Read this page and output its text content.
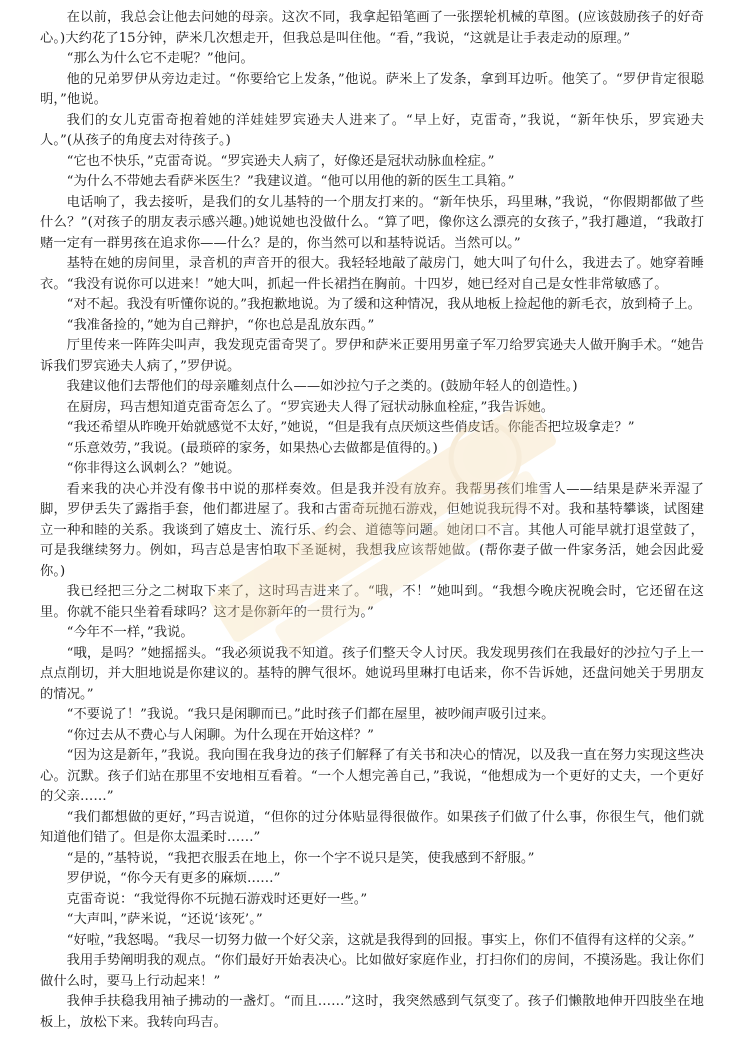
在以前，我总会让他去问她的母亲。这次不同，我拿起铅笔画了一张摆轮机械的草图。(应该鼓励孩子的好奇心。)大约花了15分钟，萨米几次想走开，但我总是叫住他。“看，”我说，“这就是让手表走动的原理。”

“那么为什么它不走呢？”他问。

他的兄弟罗伊从旁边走过。“你要给它上发条，”他说。萨米上了发条，拿到耳边听。他笑了。“罗伊肯定很聪明，”他说。

我们的女儿克雷奇抱着她的洋娃娃罗宾逊夫人进来了。“早上好，克雷奇，”我说，“新年快乐，罗宾逊夫人。”(从孩子的角度去对待孩子。)

“它也不快乐，”克雷奇说。“罗宾逊夫人病了，好像还是冠状动脉血栓症。”

“为什么不带她去看萨米医生？”我建议道。“他可以用他的新的医生工具箱。”

电话响了，我去接听，是我们的女儿基特的一个朋友打来的。“新年快乐，玛里琳，”我说，“你假期都做了些什么？”(对孩子的朋友表示感兴趣。)她说她也没做什么。“算了吧，像你这么漂亮的女孩子，”我打趣道，“我敢打赌一定有一群男孩在追求你——什么？是的，你当然可以和基特说话。当然可以。”

基特在她的房间里，录音机的声音开的很大。我轻轻地敲了敲房门，她大叫了句什么，我进去了。她穿着睡衣。“我没有说你可以进来！”她大叫，抓起一件长裙挡在胸前。十四岁，她已经对自己是女性非常敏感了。

“对不起。我没有听懂你说的。”我抱歉地说。为了缓和这种情况，我从地板上捡起他的新毛衣，放到椅子上。

“我准备捡的，”她为自己辩护，“你也总是乱放东西。”

厅里传来一阵阵尖叫声，我发现克雷奇哭了。罗伊和萨米正要用男童子军刀给罗宾逊夫人做开胸手术。“她告诉我们罗宾逊夫人病了，”罗伊说。

我建议他们去帮他们的母亲雕刻点什么——如沙拉勺子之类的。(鼓励年轻人的创造性。)

在厨房，玛吉想知道克雷奇怎么了。“罗宾逊夫人得了冠状动脉血栓症，”我告诉她。

“我还希望从昨晚开始就感觉不太好，”她说，“但是我有点厌烦这些俏皮话。你能否把垃圾拿走？”

“乐意效劳，”我说。(最琐碎的家务，如果热心去做都是值得的。)

“你非得这么讽刺么？”她说。

看来我的决心并没有像书中说的那样奏效。但是我并没有放弃。我帮男孩们堆雪人——结果是萨米弄湿了脚，罗伊丢失了露指手套，他们都进屋了。我和古雷奇玩抛石游戏，但她说我玩得不对。我和基特攀谈，试图建立一种和睦的关系。我谈到了嬉皮士、流行乐、约会、道德等问题。她闭口不言。其他人可能早就打退堂鼓了，可是我继续努力。例如，玛吉总是害怕取下圣诞树，我想我应该帮她做。(帮你妻子做一件家务活，她会因此爱你。)

我已经把三分之二树取下来了，这时玛吉进来了。“哦，不！”她叫到。“我想今晚庆祝晚会时，它还留在这里。你就不能只坐着看球吗？这才是你新年的一贯行为。”

“今年不一样，”我说。

“哦，是吗？”她摇摇头。“我必须说我不知道。孩子们整天令人讨厌。我发现男孩们在我最好的沙拉勺子上一点点削切，并大胆地说是你建议的。基特的脾气很坏。她说玛里琳打电话来，你不告诉她，还盘问她关于男朋友的情况。”

“不要说了！”我说。“我只是闲聊而已。”此时孩子们都在屋里，被吵闹声吸引过来。

“你过去从不费心与人闲聊。为什么现在开始这样？”

“因为这是新年，”我说。我向围在我身边的孩子们解释了有关书和决心的情况，以及我一直在努力实现这些决心。沉默。孩子们站在那里不安地相互看着。“一个人想完善自己，”我说，“他想成为一个更好的丈夫，一个更好的父亲……”

“我们都想做的更好，”玛吉说道，“但你的过分体贴显得很做作。如果孩子们做了什么事，你很生气，他们就知道他们错了。但是你太温柔时……”

“是的，”基特说，“我把衣服丢在地上，你一个字不说只是笑，使我感到不舒服。”

罗伊说，“你今天有更多的麻烦……”

克雷奇说：“我觉得你不玩抛石游戏时还更好一些。”

“大声叫，”萨米说，“还说‘该死’。”

“好啦，”我怒喝。“我尽一切努力做一个好父亲，这就是我得到的回报。事实上，你们不值得有这样的父亲。”

我用手势阐明我的观点。“你们最好开始表决心。比如做好家庭作业，打扫你们的房间，不摸汤匙。我让你们做什么时，要马上行动起来！”

我伸手扶稳我用袖子拂动的一盏灯。“而且……”这时，我突然感到气氛变了。孩子们懒散地伸开四肢坐在地板上，放松下来。我转向玛吉。
